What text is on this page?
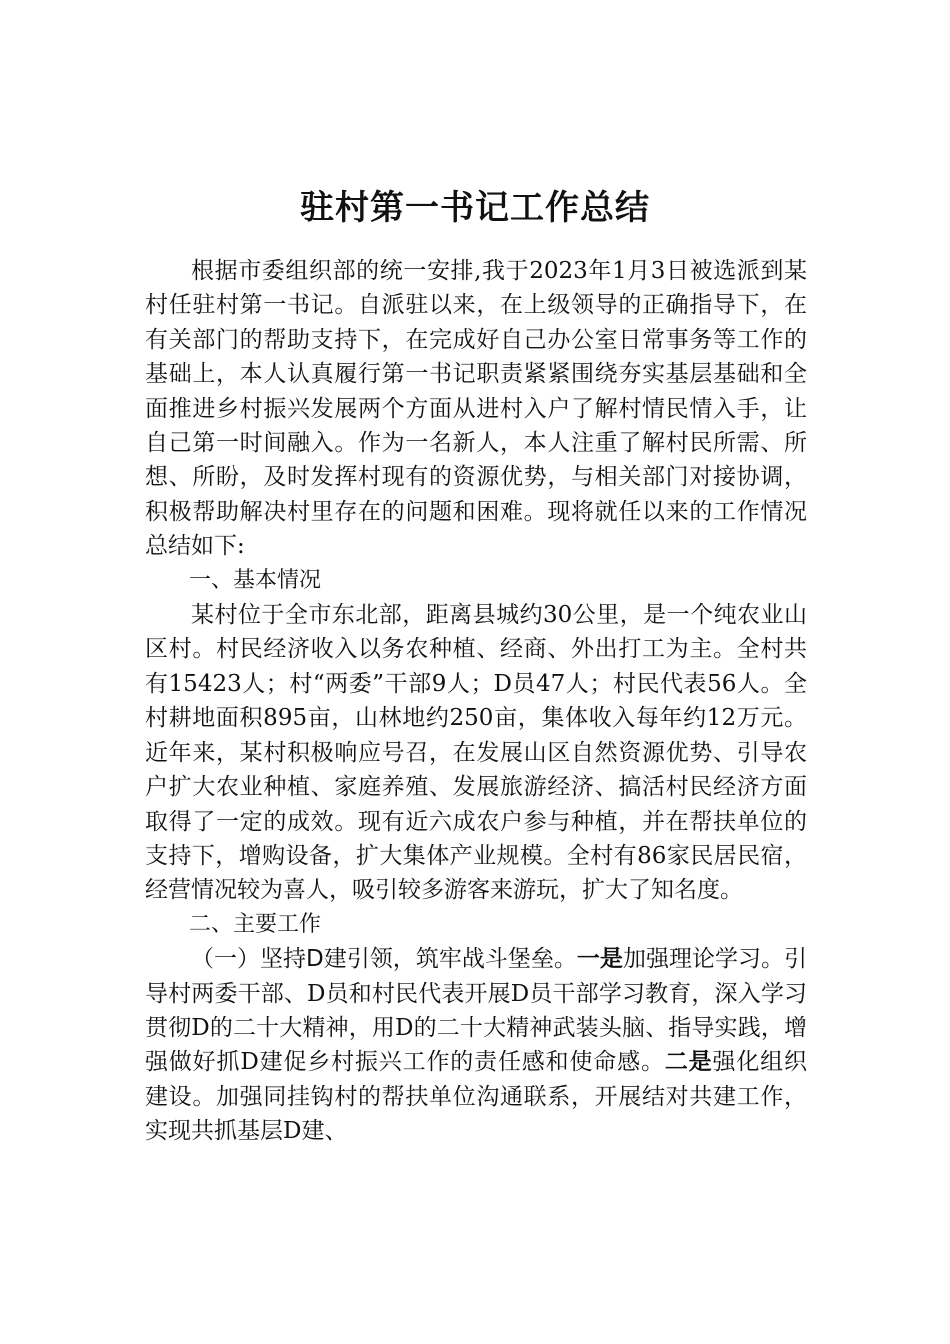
驻村第一书记工作总结

根据市委组织部的统一安排,我于2023年1月3日被选派到某村任驻村第一书记。自派驻以来，在上级领导的正确指导下，在有关部门的帮助支持下，在完成好自己办公室日常事务等工作的基础上，本人认真履行第一书记职责紧紧围绕夯实基层基础和全面推进乡村振兴发展两个方面从进村入户了解村情民情入手，让自己第一时间融入。作为一名新人，本人注重了解村民所需、所想、所盼，及时发挥村现有的资源优势，与相关部门对接协调，积极帮助解决村里存在的问题和困难。现将就任以来的工作情况总结如下:

一、基本情况

某村位于全市东北部，距离县城约30公里，是一个纯农业山区村。村民经济收入以务农种植、经商、外出打工为主。全村共有15423人；村“两委”干部9人；D员47人；村民代表56人。全村耕地面积895亩，山林地约250亩，集体收入每年约12万元。近年来，某村积极响应号召，在发展山区自然资源优势、引导农户扩大农业种植、家庭养殖、发展旅游经济、搞活村民经济方面取得了一定的成效。现有近六成农户参与种植，并在帮扶单位的支持下，增购设备，扩大集体产业规模。全村有86家民居民宿，经营情况较为喜人，吸引较多游客来游玩，扩大了知名度。

二、主要工作

（一）坚持D建引领，筑牢战斗堡垒。一是加强理论学习。引导村两委干部、D员和村民代表开展D员干部学习教育，深入学习贯彻D的二十大精神，用D的二十大精神武装头脑、指导实践，增强做好抓D建促乡村振兴工作的责任感和使命感。二是强化组织建设。加强同挂钩村的帮扶单位沟通联系，开展结对共建工作，实现共抓基层D建、
